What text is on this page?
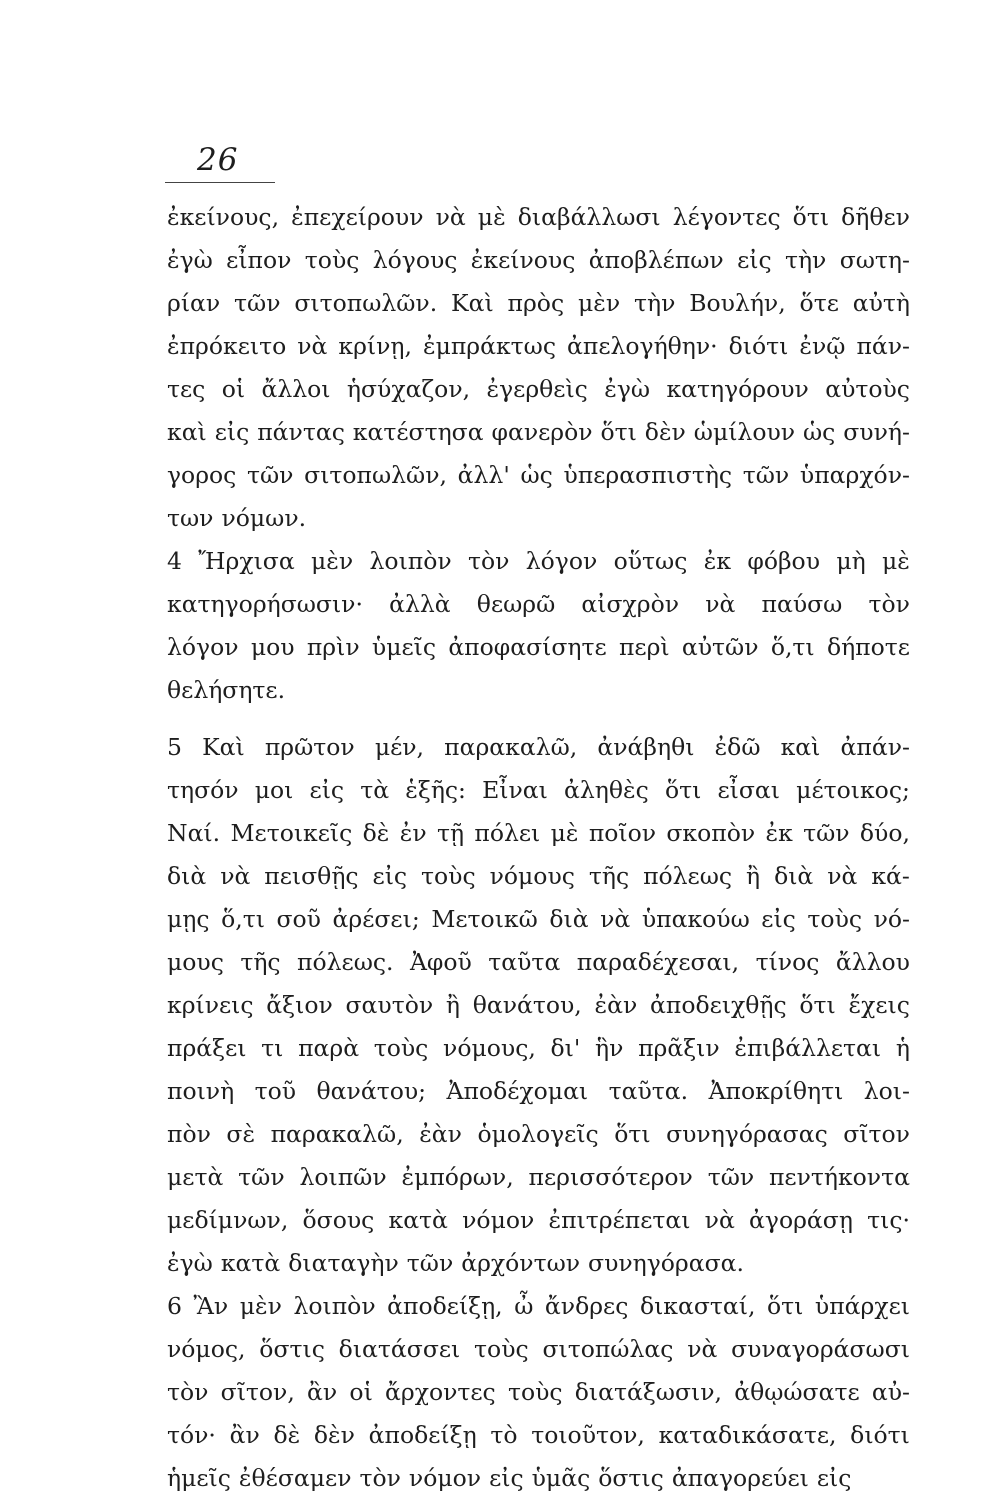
26
ἐκείνους, ἐπεχείρουν νὰ μὲ διαβάλλωσι λέγοντες ὅτι δῆθεν
ἐγὼ εἶπον τοὺς λόγους ἐκείνους ἀποβλέπων εἰς τὴν σωτη-
ρίαν τῶν σιτοπωλῶν. Καὶ πρὸς μὲν τὴν Βουλήν, ὅτε αὐτὴ
ἐπρόκειτο νὰ κρίνῃ, ἐμπράκτως ἀπελογήθην· διότι ἐνῷ πάν-
τες οἱ ἄλλοι ἡσύχαζον, ἐγερθεὶς ἐγὼ κατηγόρουν αὐτοὺς
καὶ εἰς πάντας κατέστησα φανερὸν ὅτι δὲν ὡμίλουν ὡς συνή-
γορος τῶν σιτοπωλῶν, ἀλλ' ὡς ὑπερασπιστὴς τῶν ὑπαρχόν-
των νόμων.
4 Ἤρχισα μὲν λοιπὸν τὸν λόγον οὕτως ἐκ φόβου μὴ μὲ
κατηγορήσωσιν· ἀλλὰ θεωρῶ αἰσχρὸν νὰ παύσω τὸν
λόγον μου πρὶν ὑμεῖς ἀποφασίσητε περὶ αὐτῶν ὅ,τι δήποτε
θελήσητε.
5 Καὶ πρῶτον μέν, παρακαλῶ, ἀνάβηθι ἐδῶ καὶ ἀπάν-
τησόν μοι εἰς τὰ ἑξῆς: Εἶναι ἀληθὲς ὅτι εἶσαι μέτοικος;
Ναί. Μετοικεῖς δὲ ἐν τῇ πόλει μὲ ποῖον σκοπὸν ἐκ τῶν δύο,
διὰ νὰ πεισθῇς εἰς τοὺς νόμους τῆς πόλεως ἢ διὰ νὰ κά-
μῃς ὅ,τι σοῦ ἀρέσει; Μετοικῶ διὰ νὰ ὑπακούω εἰς τοὺς νό-
μους τῆς πόλεως. Ἀφοῦ ταῦτα παραδέχεσαι, τίνος ἄλλου
κρίνεις ἄξιον σαυτὸν ἢ θανάτου, ἐὰν ἀποδειχθῇς ὅτι ἔχεις
πράξει τι παρὰ τοὺς νόμους, δι' ἣν πρᾶξιν ἐπιβάλλεται ἡ
ποινὴ τοῦ θανάτου; Ἀποδέχομαι ταῦτα. Ἀποκρίθητι λοι-
πὸν σὲ παρακαλῶ, ἐὰν ὁμολογεῖς ὅτι συνηγόρασας σῖτον
μετὰ τῶν λοιπῶν ἐμπόρων, περισσότερον τῶν πεντήκοντα
μεδίμνων, ὅσους κατὰ νόμον ἐπιτρέπεται νὰ ἀγοράσῃ τις·
ἐγὼ κατὰ διαταγὴν τῶν ἀρχόντων συνηγόρασα.
6 Ἂν μὲν λοιπὸν ἀποδείξῃ, ὦ ἄνδρες δικασταί, ὅτι ὑπάρχει
νόμος, ὅστις διατάσσει τοὺς σιτοπώλας νὰ συναγοράσωσι
τὸν σῖτον, ἂν οἱ ἄρχοντες τοὺς διατάξωσιν, ἀθῳώσατε αὐ-
τόν· ἂν δὲ δὲν ἀποδείξῃ τὸ τοιοῦτον, καταδικάσατε, διότι
ἡμεῖς ἐθέσαμεν τὸν νόμον εἰς ὑμᾶς ὅστις ἀπαγορεύει εἰς
